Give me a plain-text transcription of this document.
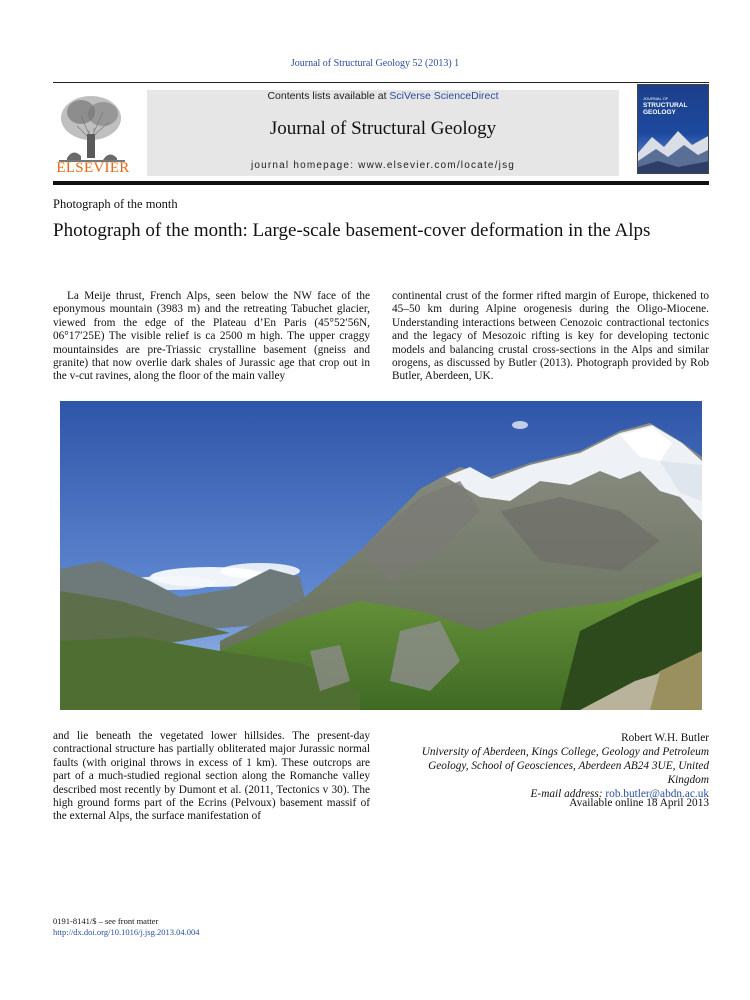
Journal of Structural Geology 52 (2013) 1
ELSEVIER
Contents lists available at SciVerse ScienceDirect
Journal of Structural Geology
journal homepage: www.elsevier.com/locate/jsg
JOURNAL OF
STRUCTURAL
GEOLOGY
Photograph of the month
Photograph of the month: Large-scale basement-cover deformation in the Alps

La Meije thrust, French Alps, seen below the NW face of the eponymous mountain (3983 m) and the retreating Tabuchet glacier, viewed from the edge of the Plateau d’En Paris (45°52′56N, 06°17′25E) The visible relief is ca 2500 m high. The upper craggy mountainsides are pre-Triassic crystalline basement (gneiss and granite) that now overlie dark shales of Jurassic age that crop out in the v-cut ravines, along the floor of the main valley

continental crust of the former rifted margin of Europe, thickened to 45–50 km during Alpine orogenesis during the Oligo-Miocene. Understanding interactions between Cenozoic contractional tectonics and the legacy of Mesozoic rifting is key for developing tectonic models and balancing crustal cross-sections in the Alps and similar orogens, as discussed by Butler (2013). Photograph provided by Rob Butler, Aberdeen, UK.

and lie beneath the vegetated lower hillsides. The present-day contractional structure has partially obliterated major Jurassic normal faults (with original throws in excess of 1 km). These outcrops are part of a much-studied regional section along the Romanche valley described most recently by Dumont et al. (2011, Tectonics v 30). The high ground forms part of the Ecrins (Pelvoux) basement massif of the external Alps, the surface manifestation of

Robert W.H. Butler
University of Aberdeen, Kings College, Geology and Petroleum
Geology, School of Geosciences, Aberdeen AB24 3UE, United Kingdom
E-mail address: rob.butler@abdn.ac.uk
Available online 18 April 2013
0191-8141/$ – see front matter
http://dx.doi.org/10.1016/j.jsg.2013.04.004
